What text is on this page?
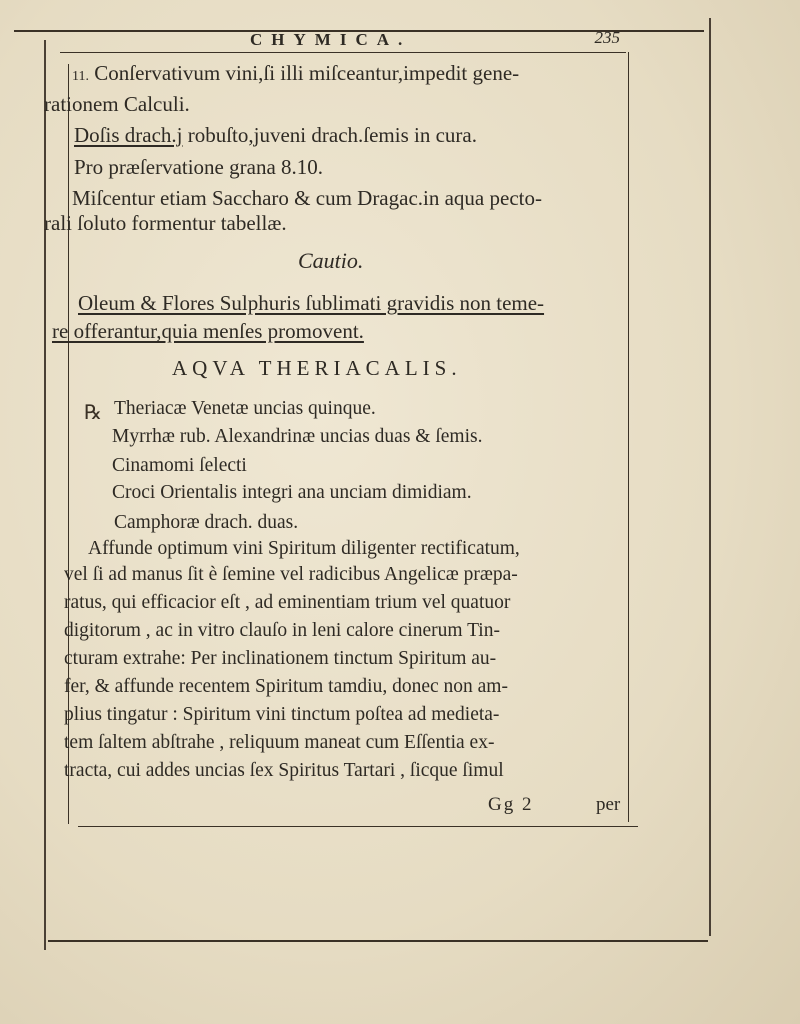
CHYMICA.	235
11. Conſervativum vini,ſi illi miſceantur,impedit gene-
rationem Calculi.
Doſis drach.j robuſto,juveni drach.ſemis in cura.
Pro præſervatione grana 8.10.
Miſcentur etiam Saccharo & cum Dragac.in aqua pecto-
rali ſoluto formentur tabellæ.
Cautio.
Oleum & Flores Sulphuris ſublimati gravidis non teme-
re offerantur,quia menſes promovent.
AQVA THERIACALIS.
℞ Theriacæ Venetæ uncias quinque.
Myrrhæ rub. Alexandrinæ uncias duas & ſemis.
Cinamomi ſelecti
Croci Orientalis integri ana unciam dimidiam.
Camphoræ drach. duas.
Affunde optimum vini Spiritum diligenter rectificatum,
vel ſi ad manus ſit è ſemine vel radicibus Angelicæ præpa-
ratus, qui efficacior eſt , ad eminentiam trium vel quatuor
digitorum , ac in vitro clauſo in leni calore cinerum Tin-
cturam extrahe: Per inclinationem tinctum Spiritum au-
fer, & affunde recentem Spiritum tamdiu, donec non am-
plius tingatur : Spiritum vini tinctum poſtea ad medieta-
tem ſaltem abſtrahe , reliquum maneat cum Eſſentia ex-
tracta, cui addes uncias ſex Spiritus Tartari , ſicque ſimul
Gg 2	per
